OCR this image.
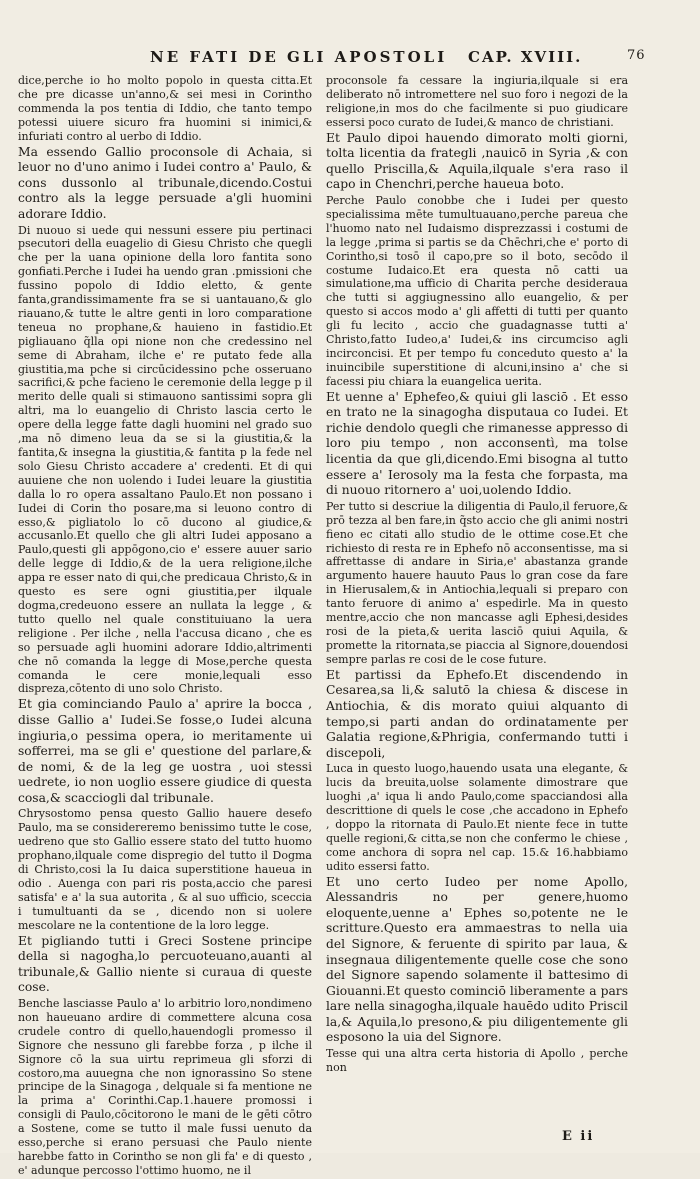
NE FATI DE GLI APOSTOLI CAP. XVIII.	76

dice,perche io ho molto popolo in questa citta.Et che pre dicasse un'anno,& sei mesi in Corintho commenda la pos tentia di Iddio, che tanto tempo potessi uiuere sicuro fra huomini si inimici,& infuriati contro al uerbo di Iddio.

Ma essendo Gallio proconsole di Achaia, si leuor no d'uno animo i Iudei contro a' Paulo, & cons dussonlo al tribunale,dicendo.Costui contro als la legge persuade a'gli huomini adorare Iddio.

Di nuouo si uede qui nessuni essere piu pertinaci psecutori della euagelio di Giesu Christo che quegli che per la uana opinione della loro fantita sono gonfiati.Perche i Iudei ha uendo gran .pmissioni che fussino popolo di Iddio eletto, & gente fanta,grandissimamente fra se si uantauano,& glo riauano,& tutte le altre genti in loro comparatione teneua no prophane,& hauieno in fastidio.Et pigliauano q̃lla opi nione non che credessino nel seme di Abraham, ilche e' re putato fede alla giustitia,ma pche si circūcidessino pche osseruano sacrifici,& pche facieno le ceremonie della legge p il merito delle quali si stimauono santissimi sopra gli altri, ma lo euangelio di Christo lascia certo le opere della legge fatte dagli huomini nel grado suo ,ma nō dimeno leua da se si la giustitia,& la fantita,& insegna la giustitia,& fantita p la fede nel solo Giesu Christo accadere a' credenti. Et di qui auuiene che non uolendo i Iudei leuare la giustitia dalla lo ro opera assaltano Paulo.Et non possano i Iudei di Corin tho posare,ma si leuono contro di esso,& pigliatolo lo cō ducono al giudice,& accusanlo.Et quello che gli altri Iudei apposano a Paulo,questi gli appōgono,cio e' essere auuer sario delle legge di Iddio,& de la uera religione,ilche appa re esser nato di qui,che predicaua Christo,& in questo es sere ogni giustitia,per ilquale dogma,credeuono essere an nullata la legge , & tutto quello nel quale constituiuano la uera religione . Per ilche , nella l'accusa dicano , che es so persuade agli huomini adorare Iddio,altrimenti che nō comanda la legge di Mose,perche questa comanda le cere monie,lequali esso dispreza,cōtento di uno solo Christo.

Et gia cominciando Paulo a' aprire la bocca , disse Gallio a' Iudei.Se fosse,o Iudei alcuna ingiuria,o pessima opera, io meritamente ui sofferrei, ma se gli e' questione del parlare,& de nomi, & de la leg ge uostra , uoi stessi uedrete, io non uoglio essere giudice di questa cosa,& scacciogli dal tribunale.

Chrysostomo pensa questo Gallio hauere desefo Paulo, ma se considereremo benissimo tutte le cose, uedreno que sto Gallio essere stato del tutto huomo prophano,ilquale come dispregio del tutto il Dogma di Christo,cosi la Iu daica superstitione haueua in odio . Auenga con pari ris posta,accio che paresi satisfa' e a' la sua autorita , & al suo ufficio, sceccia i tumultuanti da se , dicendo non si uolere mescolare ne la contentione de la loro legge.

Et pigliando tutti i Greci Sostene principe della si nagogha,lo percuoteuano,auanti al tribunale,& Gallio niente si curaua di queste cose.

Benche lasciasse Paulo a' lo arbitrio loro,nondimeno non haueuano ardire di commettere alcuna cosa crudele contro di quello,hauendogli promesso il Signore che nessuno gli farebbe forza , p ilche il Signore cō la sua uirtu reprimeua gli sforzi di costoro,ma auuegna che non ignorassino So stene principe de la Sinagoga , delquale si fa mentione ne la prima a' Corinthi.Cap.1.hauere promossi i consigli di Paulo,cōcitorono le mani de le gēti cōtro a Sostene, come se tutto il male fussi uenuto da esso,perche si erano persuasi che Paulo niente harebbe fatto in Corintho se non gli fa' e di questo , e' adunque percosso l'ottimo huomo, ne il

proconsole fa cessare la ingiuria,ilquale si era deliberato nō intromettere nel suo foro i negozi de la religione,in mos do che facilmente si puo giudicare essersi poco curato de Iudei,& manco de christiani.

Et Paulo dipoi hauendo dimorato molti giorni, tolta licentia da frategli ,nauicō in Syria ,& con quello Priscilla,& Aquila,ilquale s'era raso il capo in Chenchri,perche haueua boto.

Perche Paulo conobbe che i Iudei per questo specialissima mēte tumultuauano,perche pareua che l'huomo nato nel Iudaismo disprezzassi i costumi de la legge ,prima si partis se da Chēchri,che e' porto di Corintho,si tosō il capo,pre so il boto, secōdo il costume Iudaico.Et era questa nō catti ua simulatione,ma ufficio di Charita perche desideraua che tutti si aggiugnessino allo euangelio, & per questo si accos modo a' gli affetti di tutti per quanto gli fu lecito , accio che guadagnasse tutti a' Christo,fatto Iudeo,a' Iudei,& ins circumciso agli incirconcisi. Et per tempo fu conceduto questo a' la inuincibile superstitione di alcuni,insino a' che si facessi piu chiara la euangelica uerita.

Et uenne a' Ephefeo,& quiui gli lasciō . Et esso en trato ne la sinagogha disputaua co Iudei. Et richie dendolo quegli che rimanesse appresso di loro piu tempo , non acconsentì, ma tolse licentia da que gli,dicendo.Emi bisogna al tutto essere a' Ierosoly ma la festa che forpasta, ma di nuouo ritornero a' uoi,uolendo Iddio.

Per tutto si descriue la diligentia di Paulo,il feruore,& prō tezza al ben fare,in q̃sto accio che gli animi nostri fieno ec citati allo studio de le ottime cose.Et che richiesto di resta re in Ephefo nō acconsentisse, ma si affrettasse di andare in Siria,e' abastanza grande argumento hauere hauuto Paus lo gran cose da fare in Hierusalem,& in Antiochia,lequali si preparo con tanto feruore di animo a' espedirle. Ma in questo mentre,accio che non mancasse agli Ephesi,desides rosi de la pieta,& uerita lasciō quiui Aquila, & promette la ritornata,se piaccia al Signore,douendosi sempre parlas re cosi de le cose future.

Et partissi da Ephefo.Et discendendo in Cesarea,sa li,& salutō la chiesa & discese in Antiochia, & dis morato quiui alquanto di tempo,si parti andan do ordinatamente per Galatia regione,&Phrigia, confermando tutti i discepoli,

Luca in questo luogo,hauendo usata una elegante, & lucis da breuita,uolse solamente dimostrare que luoghi ,a' iqua li ando Paulo,come spacciandosi alla descrittione di quels le cose ,che accadono in Ephefo , doppo la ritornata di Paulo.Et niente fece in tutte quelle regioni,& citta,se non che confermo le chiese , come anchora di sopra nel cap. 15.& 16.habbiamo udito essersi fatto.

Et uno certo Iudeo per nome Apollo, Alessandris no per genere,huomo eloquente,uenne a' Ephes so,potente ne le scritture.Questo era ammaestras to nella uia del Signore, & feruente di spirito par laua, & insegnaua diligentemente quelle cose che sono del Signore sapendo solamente il battesimo di Giouanni.Et questo cominciō liberamente a pars lare nella sinagogha,ilquale hauēdo udito Priscil la,& Aquila,lo presono,& piu diligentemente gli esposono la uia del Signore.

Tesse qui una altra certa historia di Apollo , perche non

E ii
